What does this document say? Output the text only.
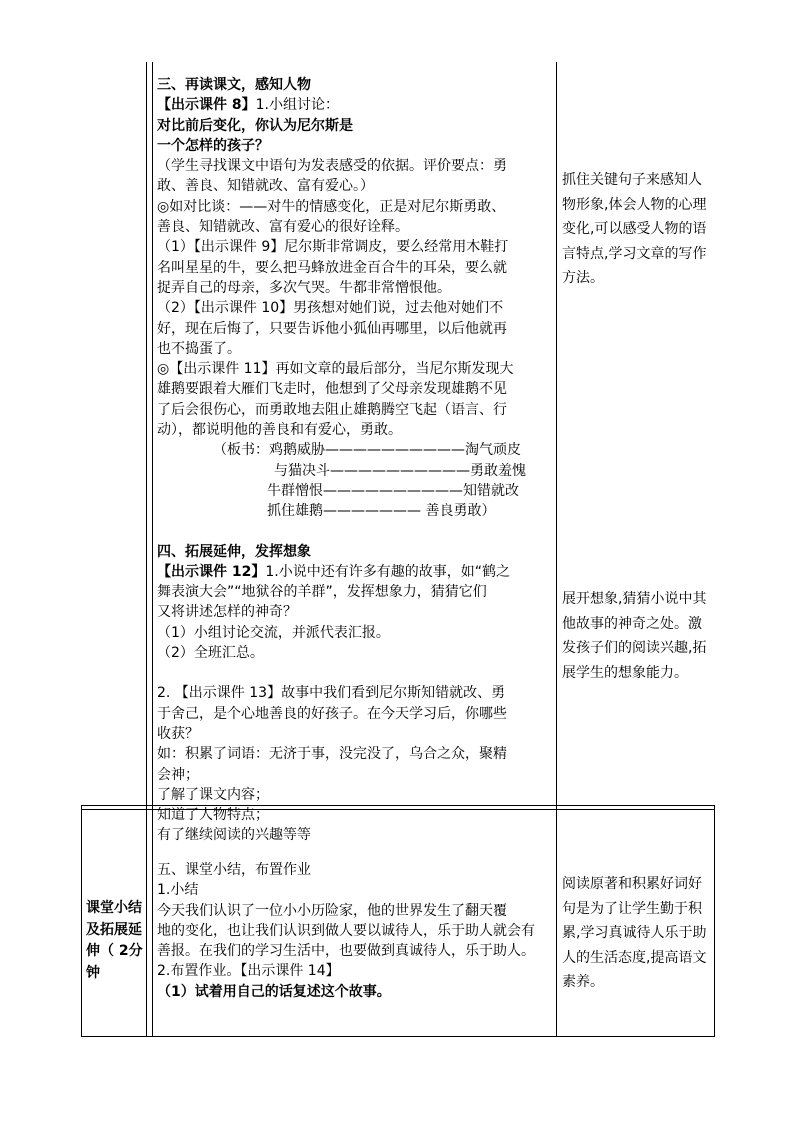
三、再读课文，感知人物

【出示课件 8】1.小组讨论：

对比前后变化，你认为尼尔斯是

一个怎样的孩子？

（学生寻找课文中语句为发表感受的依据。评价要点：勇

敢、善良、知错就改、富有爱心。）

◎如对比谈：——对牛的情感变化，正是对尼尔斯勇敢、

善良、知错就改、富有爱心的很好诠释。

（1）【出示课件 9】尼尔斯非常调皮，要么经常用木鞋打

名叫星星的牛，要么把马蜂放进金百合牛的耳朵，要么就

捉弄自己的母亲，多次气哭。牛都非常憎恨他。

（2）【出示课件 10】男孩想对她们说，过去他对她们不

好，现在后悔了，只要告诉他小狐仙再哪里，以后他就再

也不捣蛋了。

◎【出示课件 11】再如文章的最后部分，当尼尔斯发现大

雄鹅要跟着大雁们飞走时，他想到了父母亲发现雄鹅不见

了后会很伤心，而勇敢地去阻止雄鹅腾空飞起（语言、行

动），都说明他的善良和有爱心，勇敢。

（板书：鸡鹅威胁——————————淘气顽皮

与猫决斗——————————勇敢羞愧

牛群憎恨——————————知错就改

抓住雄鹅——————— 善良勇敢）

四、拓展延伸，发挥想象

【出示课件 12】1.小说中还有许多有趣的故事，如“鹤之

舞表演大会”“地狱谷的羊群”，发挥想象力，猜猜它们

又将讲述怎样的神奇？

（1）小组讨论交流，并派代表汇报。

（2）全班汇总。

2. 【出示课件 13】故事中我们看到尼尔斯知错就改、勇

于舍己，是个心地善良的好孩子。在今天学习后，你哪些

收获？

如：积累了词语：无济于事，没完没了，乌合之众，聚精

会神；

了解了课文内容；

知道了人物特点；

有了继续阅读的兴趣等等

抓住关键句子来感知人物形象,体会人物的心理变化,可以感受人物的语言特点,学习文章的写作方法。

展开想象,猜猜小说中其他故事的神奇之处。激发孩子们的阅读兴趣,拓展学生的想象能力。

课堂小结及拓展延伸（ 2分钟

五、课堂小结，布置作业

1.小结

今天我们认识了一位小小历险家，他的世界发生了翻天覆

地的变化，也让我们认识到做人要以诚待人，乐于助人就会有

善报。在我们的学习生活中，也要做到真诚待人，乐于助人。

2.布置作业。【出示课件 14】

（1）试着用自己的话复述这个故事。

阅读原著和积累好词好句是为了让学生勤于积累,学习真诚待人乐于助人的生活态度,提高语文素养。
